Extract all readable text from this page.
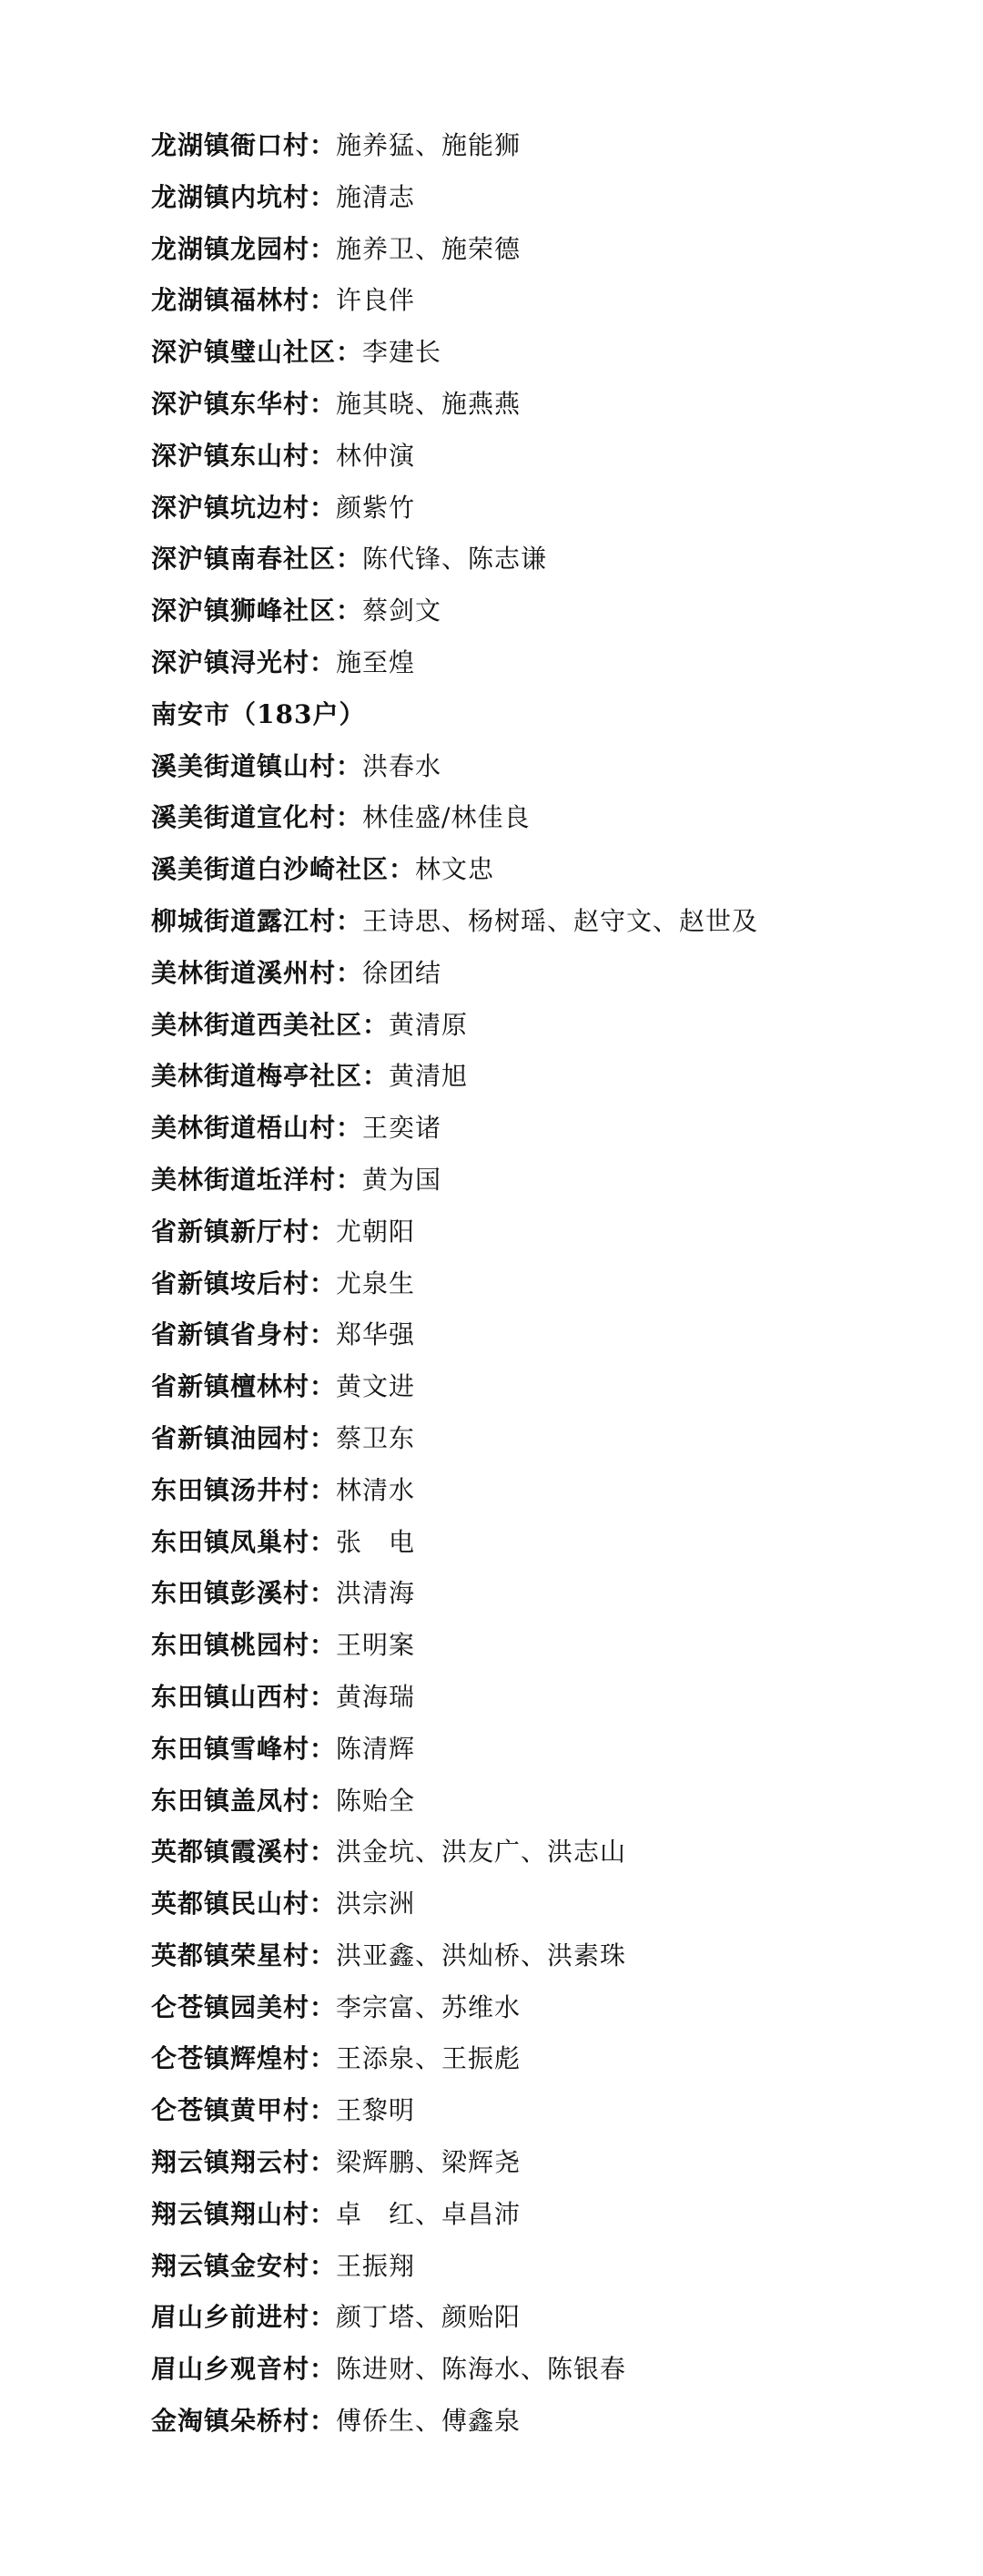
龙湖镇衙口村：施养猛、施能狮
龙湖镇内坑村：施清志
龙湖镇龙园村：施养卫、施荣德
龙湖镇福林村：许良伴
深沪镇璧山社区：李建长
深沪镇东华村：施其晓、施燕燕
深沪镇东山村：林仲演
深沪镇坑边村：颜紫竹
深沪镇南春社区：陈代锋、陈志谦
深沪镇狮峰社区：蔡剑文
深沪镇浔光村：施至煌
南安市（183户）
溪美街道镇山村：洪春水
溪美街道宣化村：林佳盛/林佳良
溪美街道白沙崎社区：林文忠
柳城街道露江村：王诗思、杨树瑶、赵守文、赵世及
美林街道溪州村：徐团结
美林街道西美社区：黄清原
美林街道梅亭社区：黄清旭
美林街道梧山村：王奕诸
美林街道坵洋村：黄为国
省新镇新厅村：尤朝阳
省新镇垵后村：尤泉生
省新镇省身村：郑华强
省新镇檀林村：黄文进
省新镇油园村：蔡卫东
东田镇汤井村：林清水
东田镇凤巢村：张　电
东田镇彭溪村：洪清海
东田镇桃园村：王明案
东田镇山西村：黄海瑞
东田镇雪峰村：陈清辉
东田镇盖凤村：陈贻全
英都镇霞溪村：洪金坑、洪友广、洪志山
英都镇民山村：洪宗洲
英都镇荣星村：洪亚鑫、洪灿桥、洪素珠
仑苍镇园美村：李宗富、苏维水
仑苍镇辉煌村：王添泉、王振彪
仑苍镇黄甲村：王黎明
翔云镇翔云村：梁辉鹏、梁辉尧
翔云镇翔山村：卓　红、卓昌沛
翔云镇金安村：王振翔
眉山乡前进村：颜丁塔、颜贻阳
眉山乡观音村：陈进财、陈海水、陈银春
金淘镇朵桥村：傅侨生、傅鑫泉
